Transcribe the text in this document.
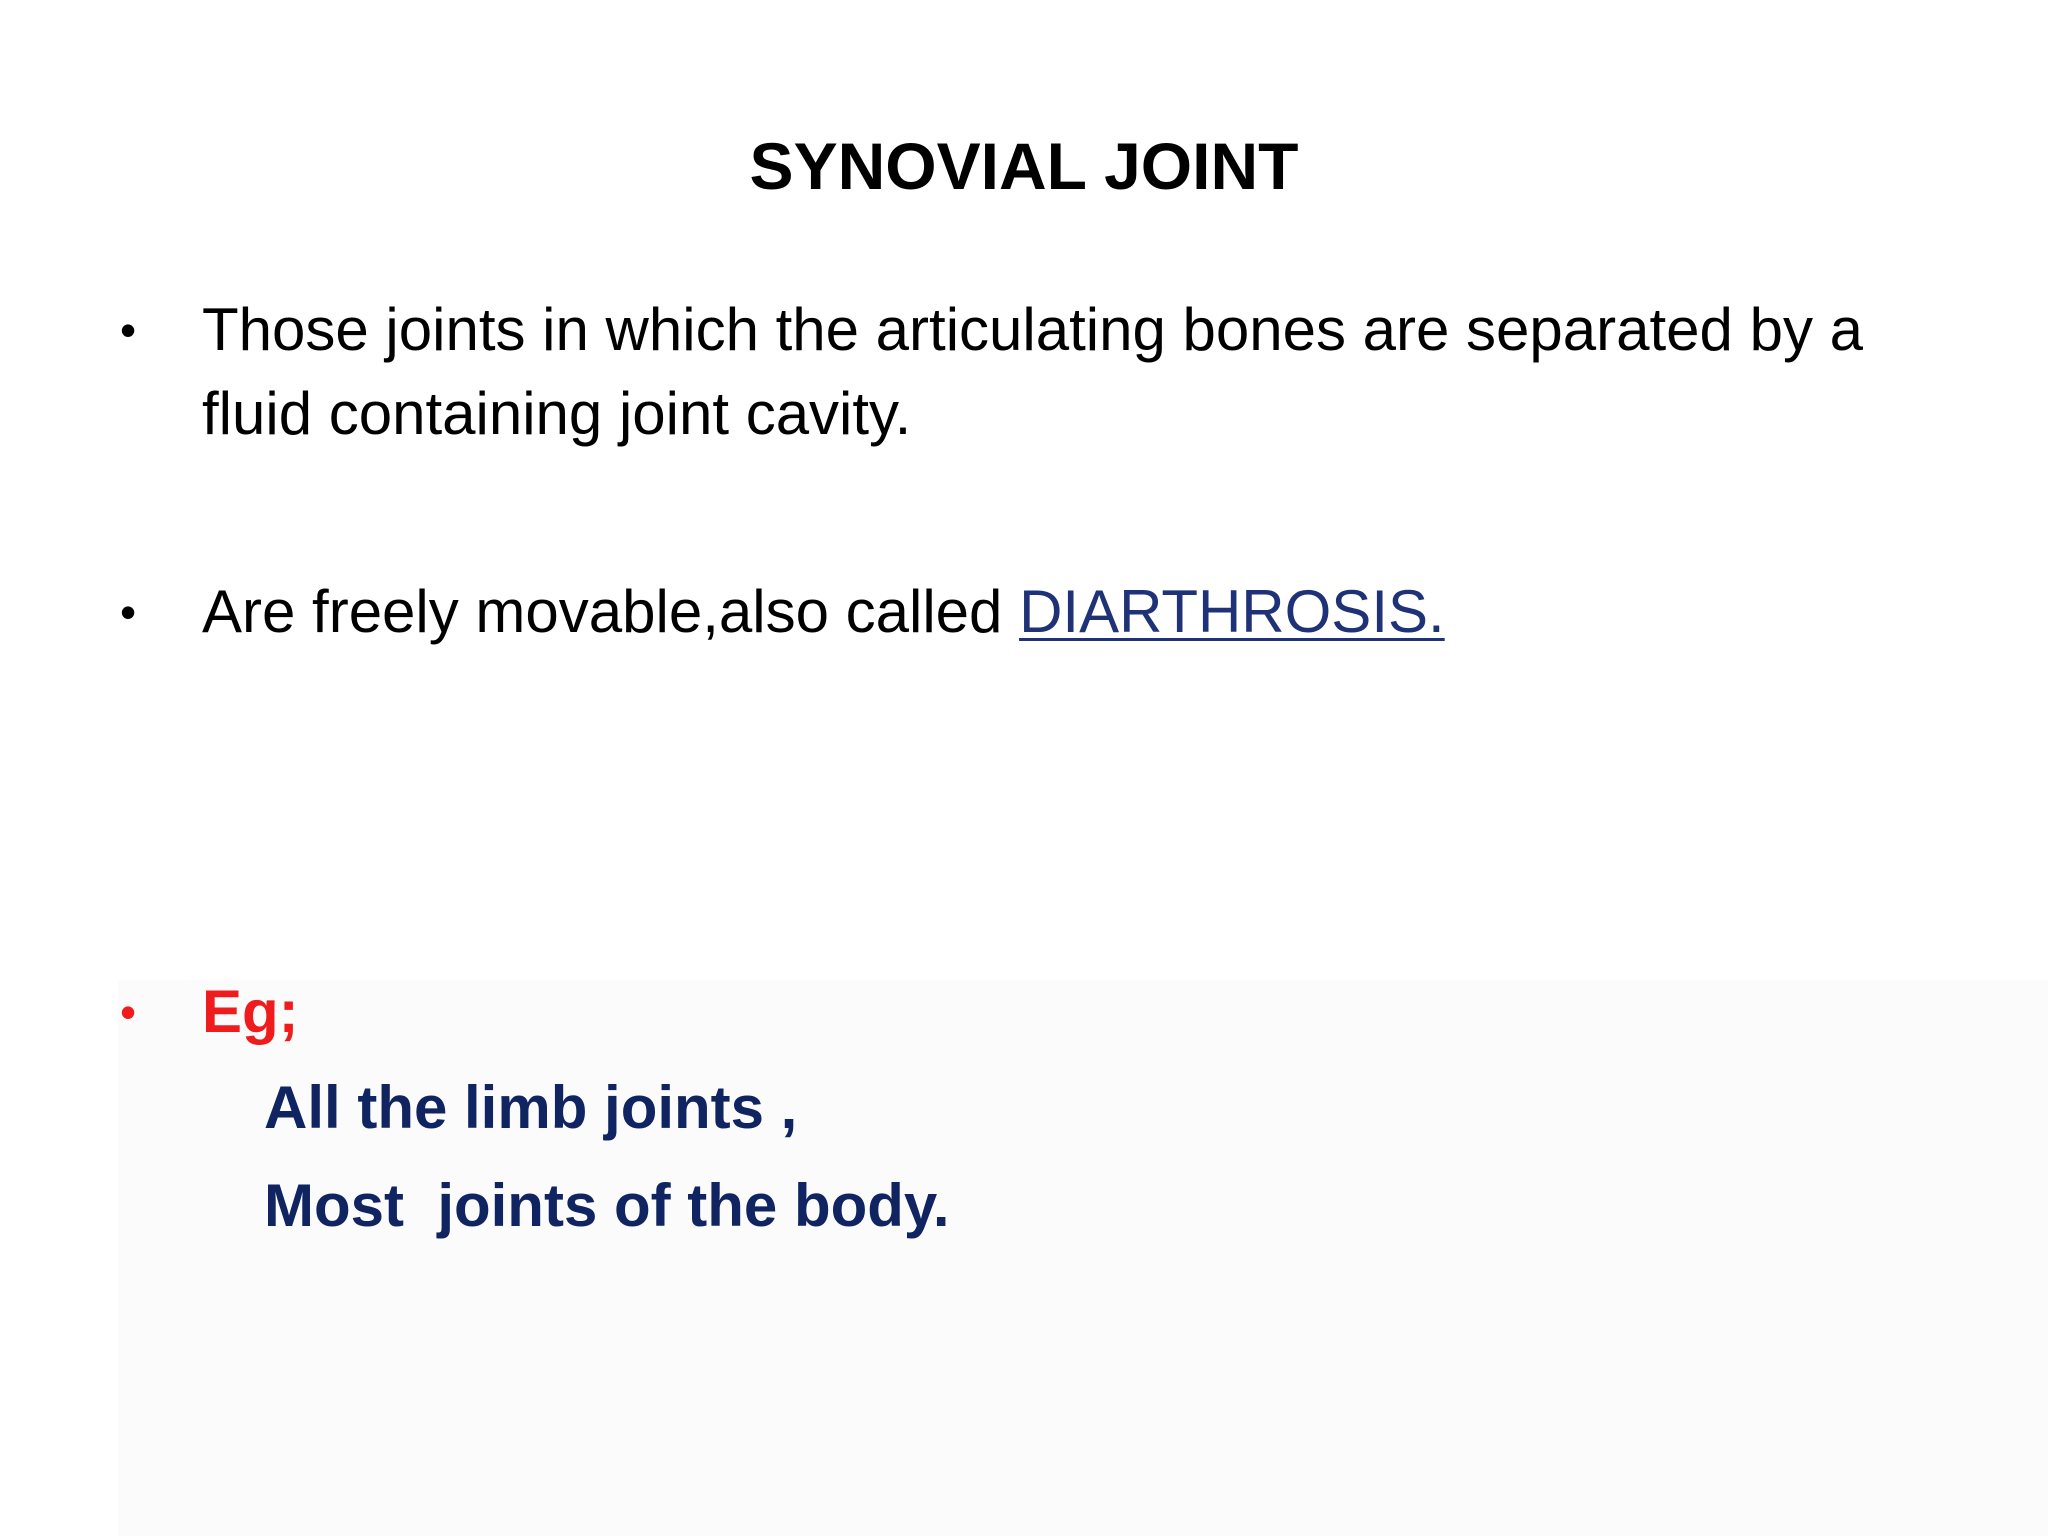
SYNOVIAL JOINT
•	Those joints in which the articulating bones are separated by a fluid containing joint cavity.
•	Are freely movable,also called DIARTHROSIS.
•	Eg;
All the limb joints ,
Most  joints of the body.
